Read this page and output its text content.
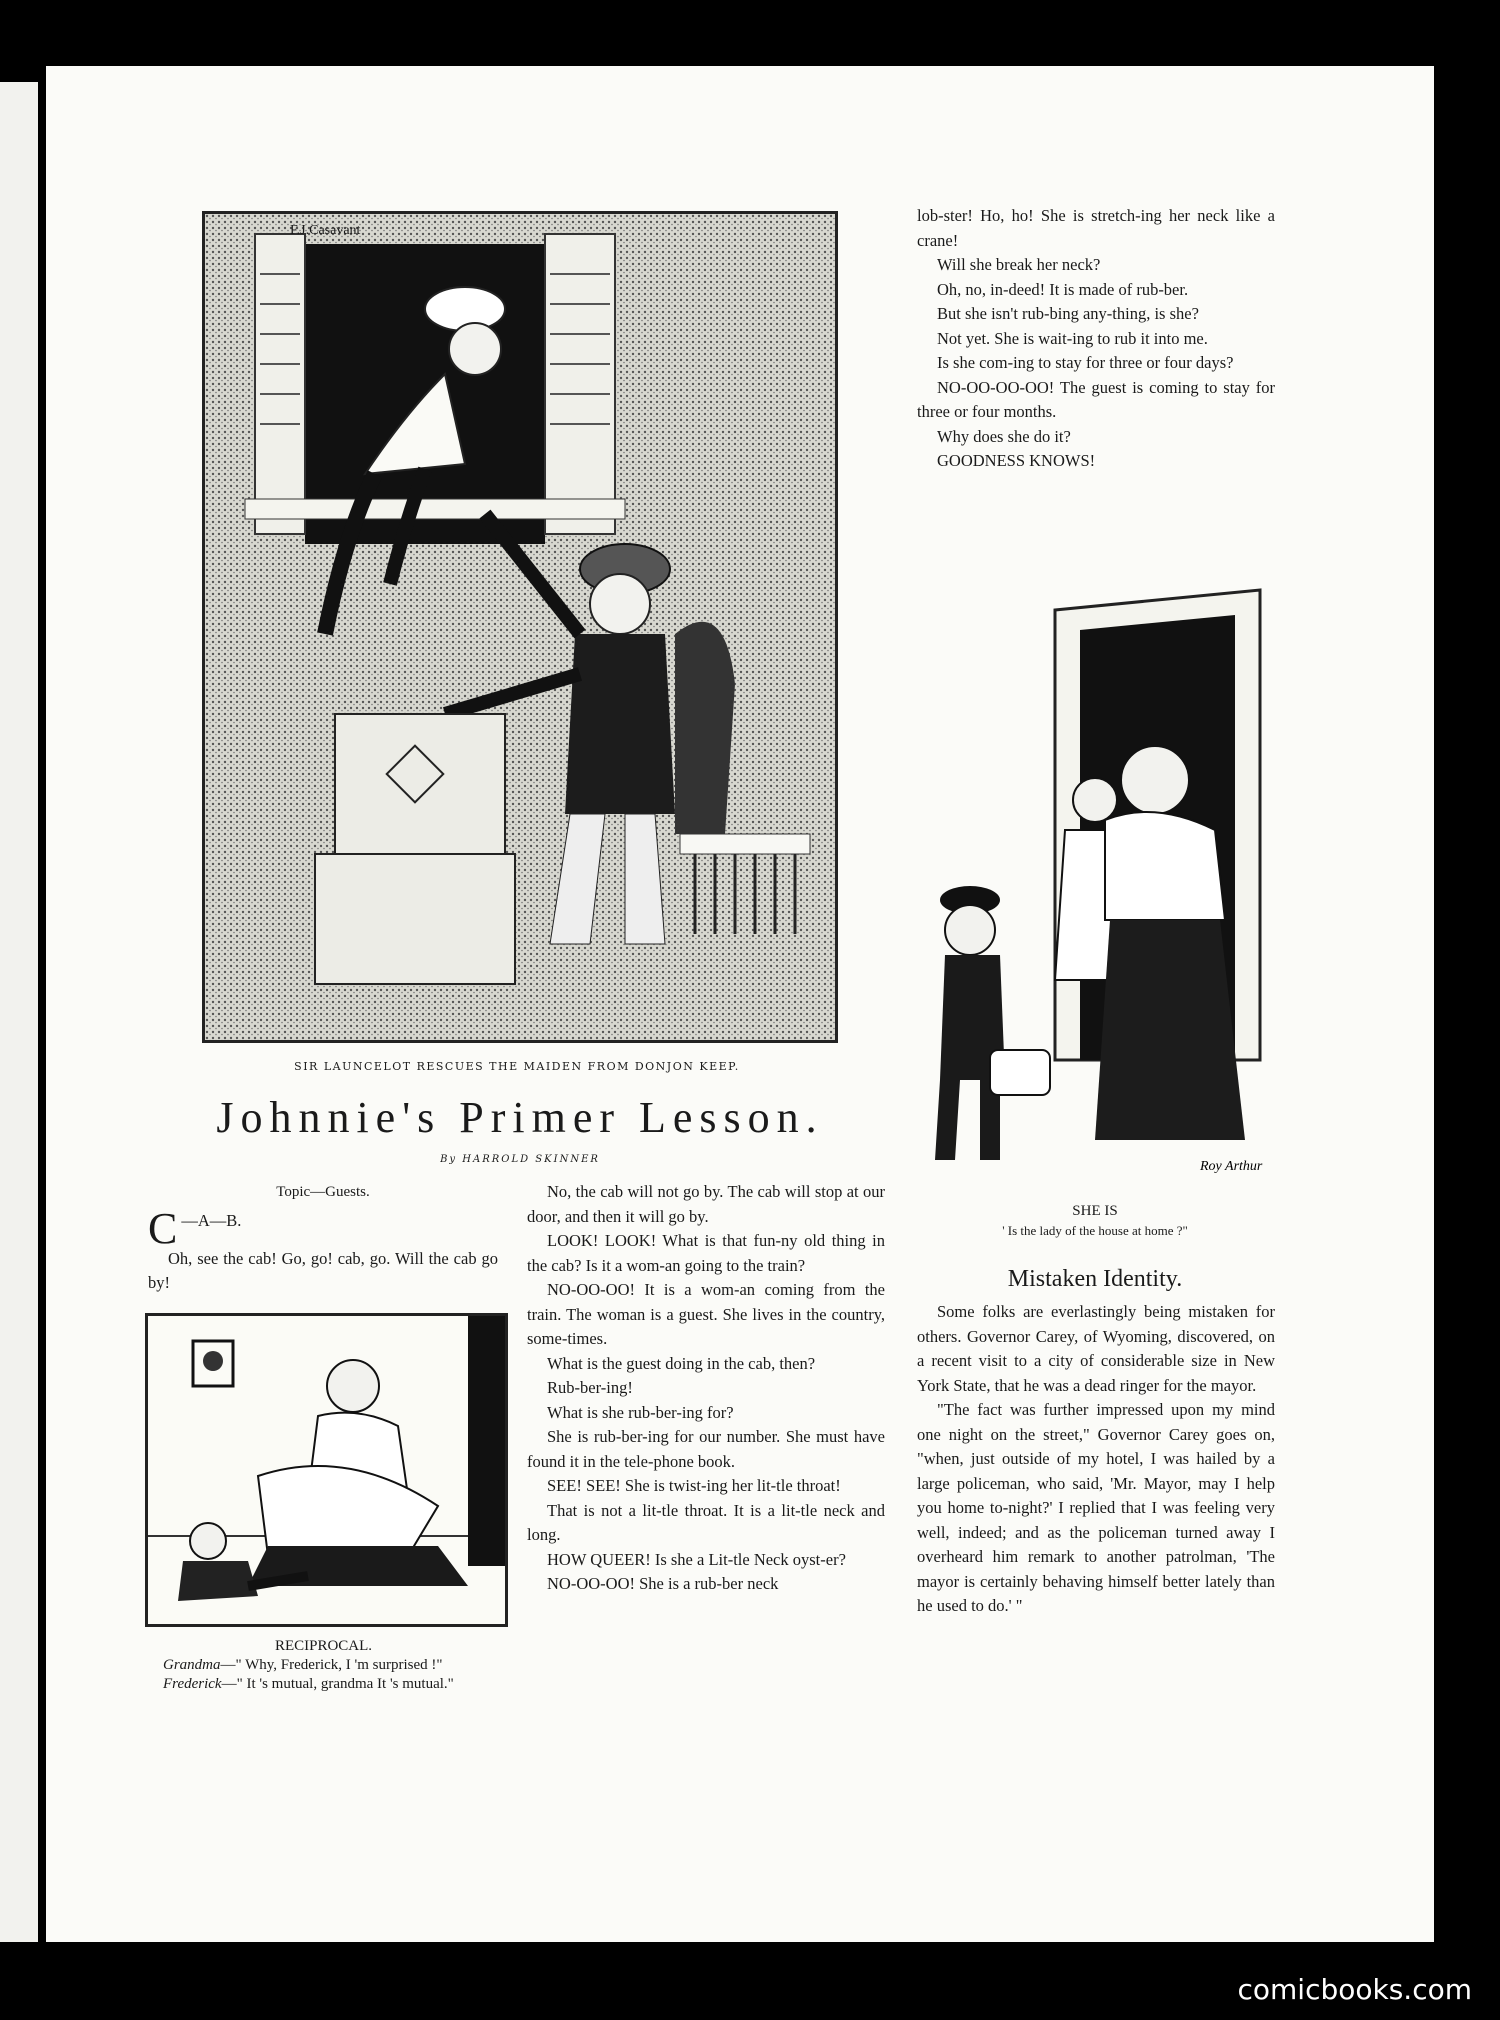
F.J.Casavant
SIR LAUNCELOT RESCUES THE MAIDEN FROM DONJON KEEP.
Johnnie's Primer Lesson.
By HARROLD SKINNER
Topic—Guests.
C —A—B.

Oh, see the cab! Go, go! cab, go. Will the cab go by!

RECIPROCAL.
Grandma—" Why, Frederick, I 'm surprised !"
Frederick—" It 's mutual, grandma It 's mutual."

No, the cab will not go by. The cab will stop at our door, and then it will go by.

LOOK! LOOK! What is that fun-ny old thing in the cab? Is it a wom-an going to the train?

NO-OO-OO! It is a wom-an coming from the train. The woman is a guest. She lives in the country, some-times.

What is the guest doing in the cab, then?

Rub-ber-ing!

What is she rub-ber-ing for?

She is rub-ber-ing for our number. She must have found it in the tele-phone book.

SEE! SEE! She is twist-ing her lit-tle throat!

That is not a lit-tle throat. It is a lit-tle neck and long.

HOW QUEER! Is she a Lit-tle Neck oyst-er?

NO-OO-OO! She is a rub-ber neck

lob-ster! Ho, ho! She is stretch-ing her neck like a crane!

Will she break her neck?

Oh, no, in-deed! It is made of rub-ber.

But she isn't rub-bing any-thing, is she?

Not yet. She is wait-ing to rub it into me.

Is she com-ing to stay for three or four days?

NO-OO-OO-OO! The guest is coming to stay for three or four months.

Why does she do it?

GOODNESS KNOWS!

Roy Arthur
SHE IS
' Is the lady of the house at home ?"
Mistaken Identity.

Some folks are everlastingly being mistaken for others. Governor Carey, of Wyoming, discovered, on a recent visit to a city of considerable size in New York State, that he was a dead ringer for the mayor.

"The fact was further impressed upon my mind one night on the street," Governor Carey goes on, "when, just outside of my hotel, I was hailed by a large policeman, who said, 'Mr. Mayor, may I help you home to-night?' I replied that I was feeling very well, indeed; and as the policeman turned away I overheard him remark to another patrolman, 'The mayor is certainly behaving himself better lately than he used to do.' "

comicbooks.com
